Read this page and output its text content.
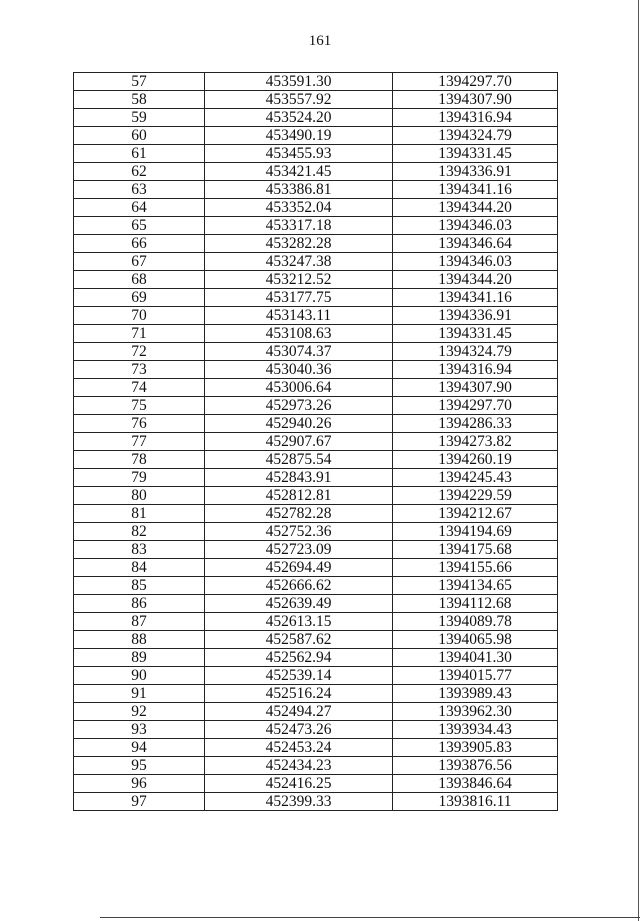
161
57	453591.30	1394297.70
58	453557.92	1394307.90
59	453524.20	1394316.94
60	453490.19	1394324.79
61	453455.93	1394331.45
62	453421.45	1394336.91
63	453386.81	1394341.16
64	453352.04	1394344.20
65	453317.18	1394346.03
66	453282.28	1394346.64
67	453247.38	1394346.03
68	453212.52	1394344.20
69	453177.75	1394341.16
70	453143.11	1394336.91
71	453108.63	1394331.45
72	453074.37	1394324.79
73	453040.36	1394316.94
74	453006.64	1394307.90
75	452973.26	1394297.70
76	452940.26	1394286.33
77	452907.67	1394273.82
78	452875.54	1394260.19
79	452843.91	1394245.43
80	452812.81	1394229.59
81	452782.28	1394212.67
82	452752.36	1394194.69
83	452723.09	1394175.68
84	452694.49	1394155.66
85	452666.62	1394134.65
86	452639.49	1394112.68
87	452613.15	1394089.78
88	452587.62	1394065.98
89	452562.94	1394041.30
90	452539.14	1394015.77
91	452516.24	1393989.43
92	452494.27	1393962.30
93	452473.26	1393934.43
94	452453.24	1393905.83
95	452434.23	1393876.56
96	452416.25	1393846.64
97	452399.33	1393816.11
